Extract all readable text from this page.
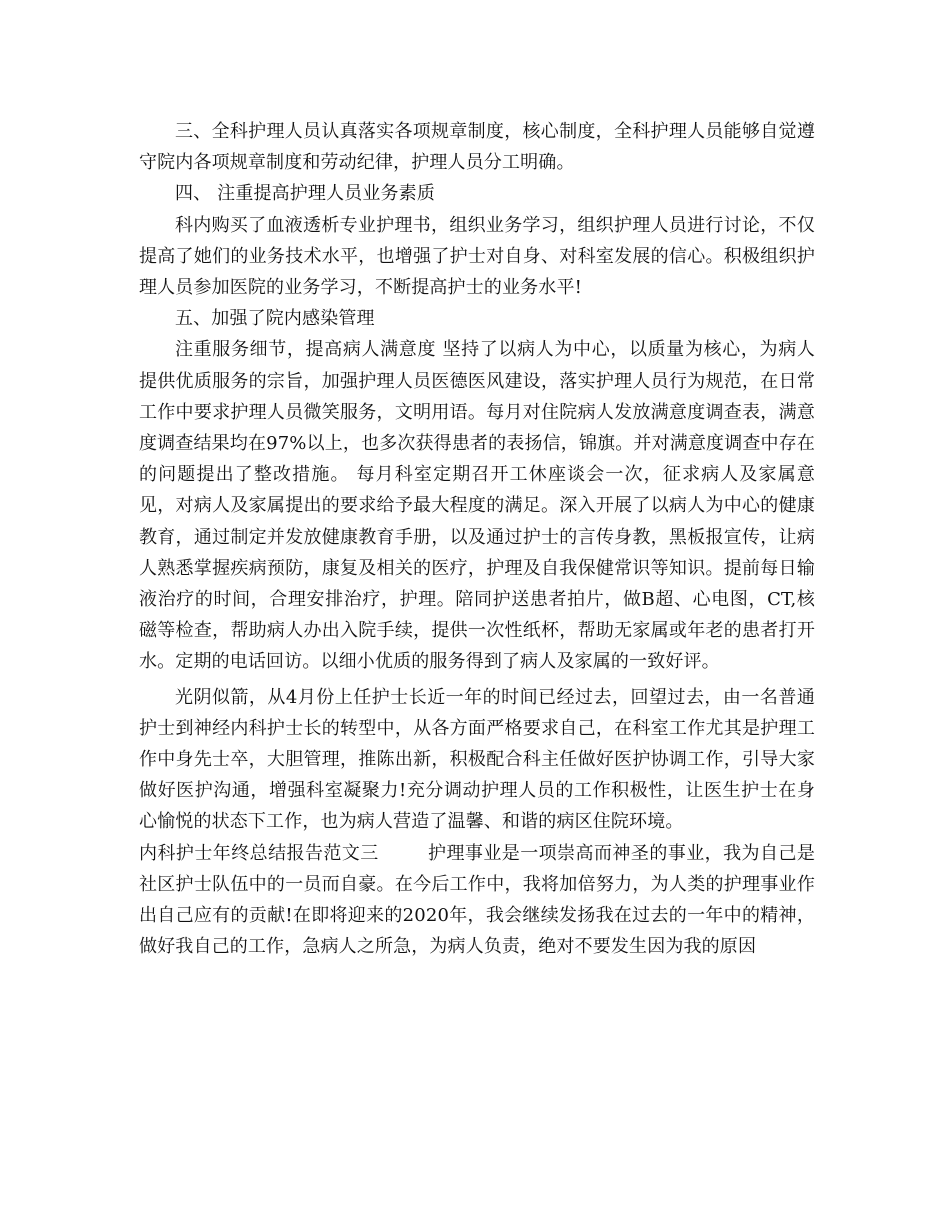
三、全科护理人员认真落实各项规章制度，核心制度，全科护理人员能够自觉遵守院内各项规章制度和劳动纪律，护理人员分工明确。

四、 注重提高护理人员业务素质

科内购买了血液透析专业护理书，组织业务学习，组织护理人员进行讨论，不仅提高了她们的业务技术水平，也增强了护士对自身、对科室发展的信心。积极组织护理人员参加医院的业务学习，不断提高护士的业务水平!

五、加强了院内感染管理

注重服务细节，提高病人满意度 坚持了以病人为中心，以质量为核心，为病人提供优质服务的宗旨，加强护理人员医德医风建设，落实护理人员行为规范，在日常工作中要求护理人员微笑服务，文明用语。每月对住院病人发放满意度调查表，满意度调查结果均在97%以上，也多次获得患者的表扬信，锦旗。并对满意度调查中存在的问题提出了整改措施。 每月科室定期召开工休座谈会一次，征求病人及家属意见，对病人及家属提出的要求给予最大程度的满足。深入开展了以病人为中心的健康教育，通过制定并发放健康教育手册，以及通过护士的言传身教，黑板报宣传，让病人熟悉掌握疾病预防，康复及相关的医疗，护理及自我保健常识等知识。提前每日输液治疗的时间，合理安排治疗，护理。陪同护送患者拍片，做B超、心电图，CT,核磁等检查，帮助病人办出入院手续，提供一次性纸杯，帮助无家属或年老的患者打开水。定期的电话回访。以细小优质的服务得到了病人及家属的一致好评。

光阴似箭，从4月份上任护士长近一年的时间已经过去，回望过去，由一名普通护士到神经内科护士长的转型中，从各方面严格要求自己，在科室工作尤其是护理工作中身先士卒，大胆管理，推陈出新，积极配合科主任做好医护协调工作，引导大家做好医护沟通，增强科室凝聚力!充分调动护理人员的工作积极性，让医生护士在身心愉悦的状态下工作，也为病人营造了温馨、和谐的病区住院环境。

内科护士年终总结报告范文三	护理事业是一项崇高而神圣的事业，我为自己是社区护士队伍中的一员而自豪。在今后工作中，我将加倍努力，为人类的护理事业作出自己应有的贡献!在即将迎来的2020年，我会继续发扬我在过去的一年中的精神，做好我自己的工作，急病人之所急，为病人负责，绝对不要发生因为我的原因
